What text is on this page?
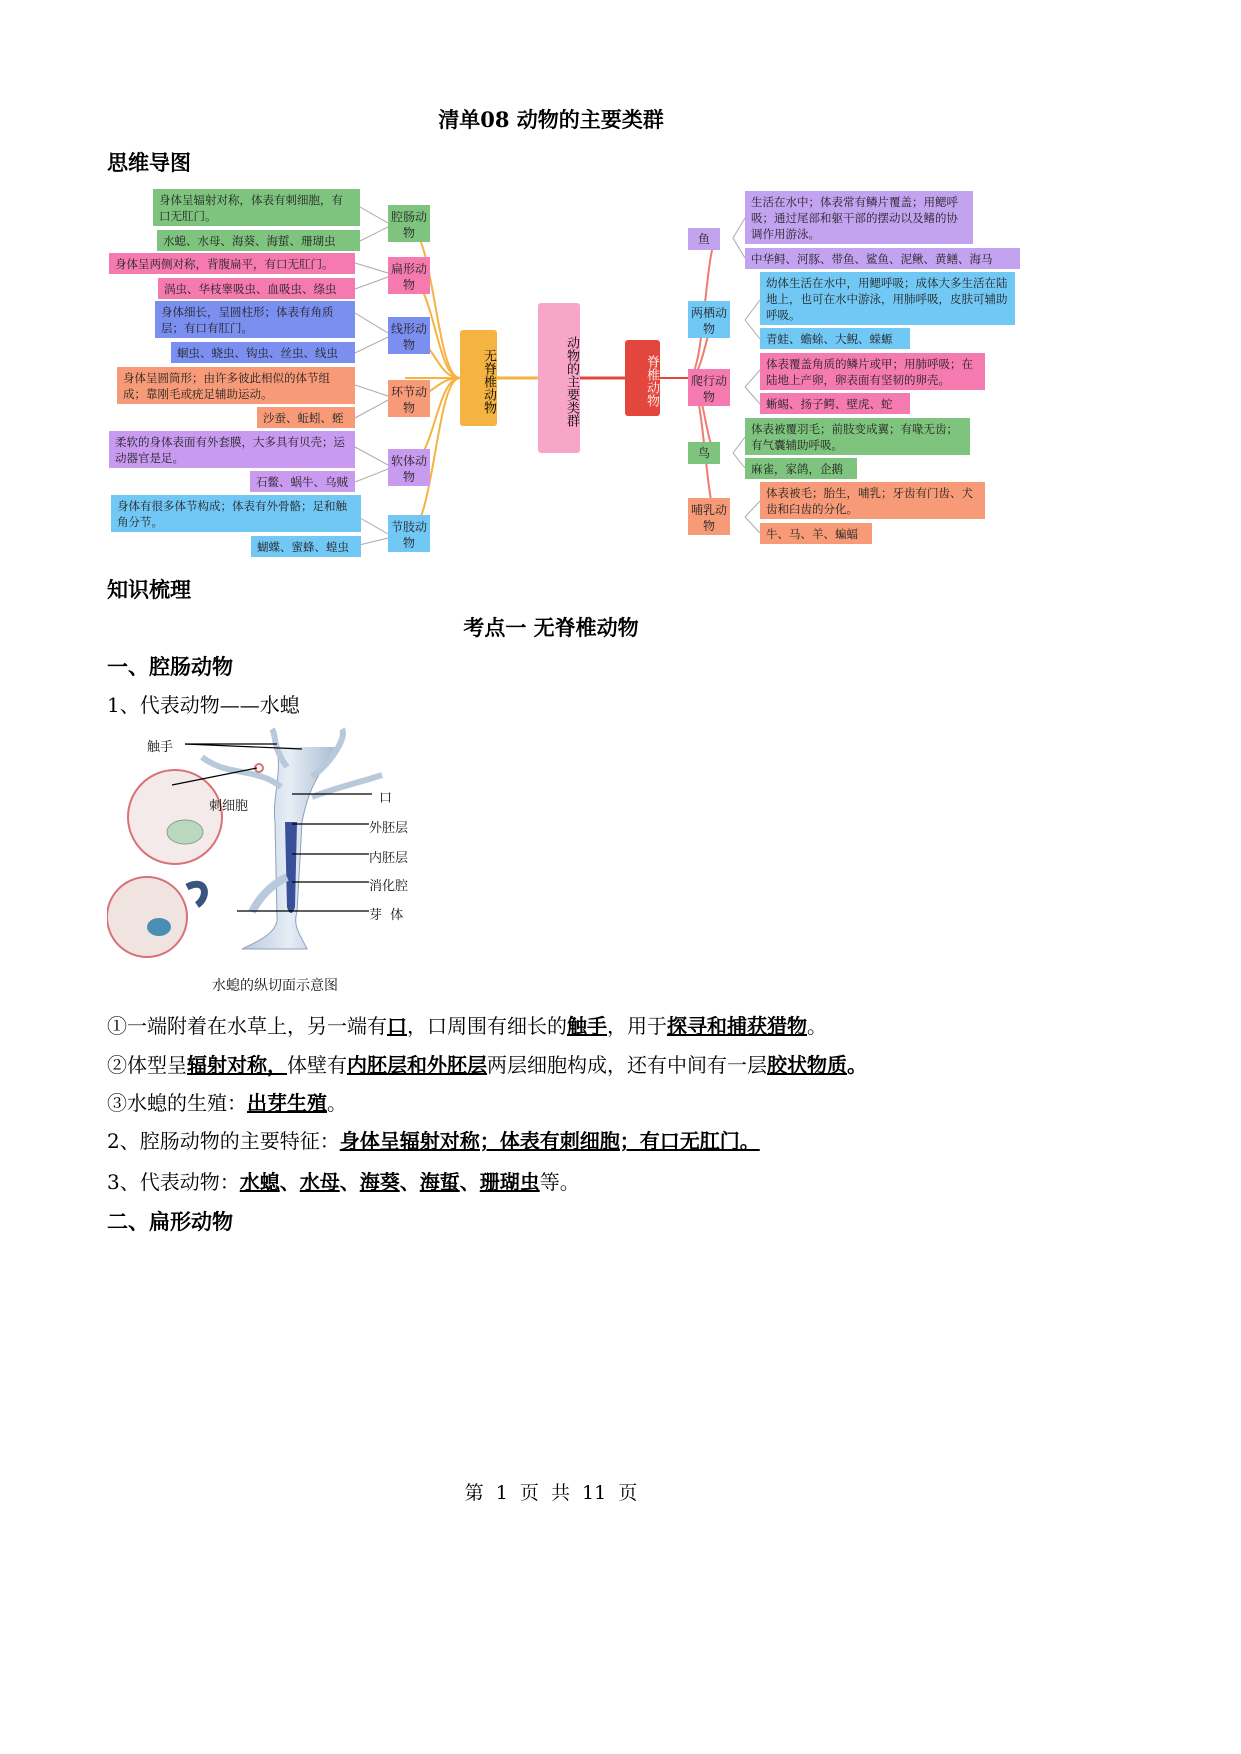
清单08 动物的主要类群
思维导图
无脊椎动物	动物的主要类群	脊椎动物
腔肠动物
身体呈辐射对称，体表有刺细胞，有口无肛门。
水螅、水母、海葵、海蜇、珊瑚虫
扁形动物
身体呈两侧对称，背腹扁平，有口无肛门。
涡虫、华枝睾吸虫、血吸虫、绦虫
线形动物
身体细长，呈圆柱形；体表有角质层；有口有肛门。
蛔虫、蛲虫、钩虫、丝虫、线虫
环节动物
身体呈圆筒形；由许多彼此相似的体节组成；靠刚毛或疣足辅助运动。
沙蚕、蚯蚓、蛭
软体动物
柔软的身体表面有外套膜，大多具有贝壳；运动器官是足。
石鳖、蜗牛、乌贼
节肢动物
身体有很多体节构成；体表有外骨骼；足和触角分节。
蝴蝶、蜜蜂、蝗虫
鱼
生活在水中；体表常有鳞片覆盖；用鳃呼吸；通过尾部和躯干部的摆动以及鳍的协调作用游泳。
中华鲟、河豚、带鱼、鲨鱼、泥鳅、黄鳝、海马
两栖动物
幼体生活在水中，用鳃呼吸；成体大多生活在陆地上，也可在水中游泳，用肺呼吸，皮肤可辅助呼吸。
青蛙、蟾蜍、大鲵、蝾螈
爬行动物
体表覆盖角质的鳞片或甲；用肺呼吸；在陆地上产卵，卵表面有坚韧的卵壳。
蜥蜴、扬子鳄、壁虎、蛇
鸟
体表被覆羽毛；前肢变成翼；有喙无齿；有气囊辅助呼吸。
麻雀，家鸽，企鹅
哺乳动物
体表被毛；胎生，哺乳；牙齿有门齿、犬齿和臼齿的分化。
牛、马、羊、蝙蝠
知识梳理
考点一 无脊椎动物
一、腔肠动物
1、代表动物——水螅
触手
刺细胞
口
外胚层
内胚层
消化腔
芽  体
水螅的纵切面示意图
①一端附着在水草上，另一端有口，口周围有细长的触手，用于探寻和捕获猎物。
②体型呈辐射对称，体壁有内胚层和外胚层两层细胞构成，还有中间有一层胶状物质。
③水螅的生殖：出芽生殖。
2、腔肠动物的主要特征：身体呈辐射对称；体表有刺细胞；有口无肛门。
3、代表动物：水螅、水母、海葵、海蜇、珊瑚虫等。
二、扁形动物
第  1  页  共  11  页
